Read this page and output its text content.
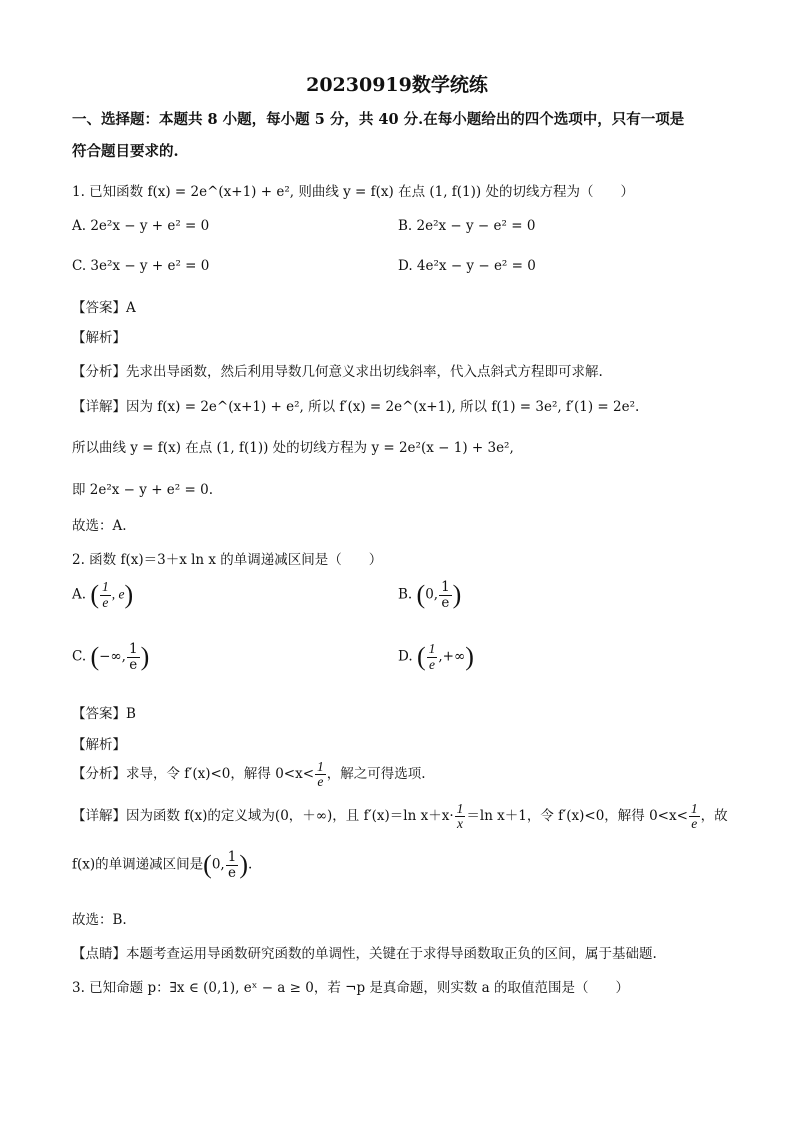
20230919数学统练
一、选择题：本题共 8 小题，每小题 5 分，共 40 分.在每小题给出的四个选项中，只有一项是
符合题目要求的.
1. 已知函数 f(x) = 2e^(x+1) + e², 则曲线 y = f(x) 在点 (1, f(1)) 处的切线方程为（　　）
A. 2e²x − y + e² = 0	B. 2e²x − y − e² = 0
C. 3e²x − y + e² = 0	D. 4e²x − y − e² = 0
【答案】A
【解析】
【分析】先求出导函数，然后利用导数几何意义求出切线斜率，代入点斜式方程即可求解.
【详解】因为 f(x) = 2e^(x+1) + e², 所以 f′(x) = 2e^(x+1), 所以 f(1) = 3e², f′(1) = 2e².
所以曲线 y = f(x) 在点 (1, f(1)) 处的切线方程为 y = 2e²(x − 1) + 3e²,
即 2e²x − y + e² = 0.
故选：A.
2. 函数 f(x)＝3＋x ln x 的单调递减区间是（　　）
A. ( $\frac{1}{e}$ , e)	B. (0, $\frac{1}{e}$ )
C. (−∞, $\frac{1}{e}$ )	D. ( $\frac{1}{e}$ ,+∞)
【答案】B
【解析】
【分析】求导，令 f′(x)<0，解得 $0<x< \frac{1}{e}$ ，解之可得选项.
【详解】因为函数 f(x)的定义域为(0，＋∞)，且 f′(x)＝ln $x+x\cdot \frac{1}{x} =\ln$ x＋1，令 f′(x)<0，解得 $0<x< \frac{1}{e}$ ，故
f(x)的单调递减区间是(0, $\frac{1}{e}$ ).
故选：B.
【点睛】本题考查运用导函数研究函数的单调性，关键在于求得导函数取正负的区间，属于基础题.
3. 已知命题 p：∃x ∈ (0,1), eˣ − a ≥ 0，若 ¬p 是真命题，则实数 a 的取值范围是（　　）
